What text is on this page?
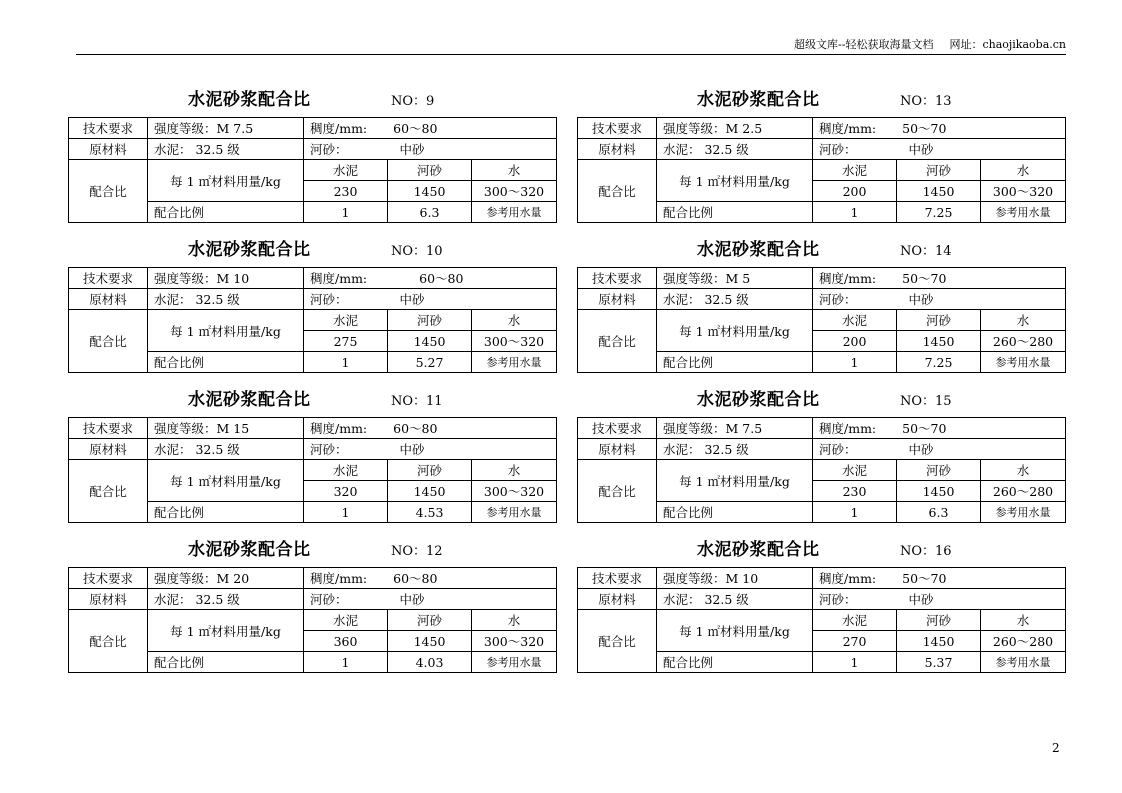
超级文库--轻松获取海量文档 网址：chaojikaoba.cn
水泥砂浆配合比	NO：9
技术要求	强度等级：M 7.5	稠度/mm: 60～80		
原材料	水泥： 32.5 级	河砂： 中砂		
配合比	每 1 ㎡材料用量/kg	水泥	河砂	水
		230	1450	300～320
	配合比例	1	6.3	参考用水量
水泥砂浆配合比	NO：10
技术要求	强度等级：M 10	稠度/mm: 60～80		
原材料	水泥： 32.5 级	河砂： 中砂		
配合比	每 1 ㎡材料用量/kg	水泥	河砂	水
		275	1450	300～320
	配合比例	1	5.27	参考用水量
水泥砂浆配合比	NO：11
技术要求	强度等级：M 15	稠度/mm: 60～80		
原材料	水泥： 32.5 级	河砂： 中砂		
配合比	每 1 ㎡材料用量/kg	水泥	河砂	水
		320	1450	300～320
	配合比例	1	4.53	参考用水量
水泥砂浆配合比	NO：12
技术要求	强度等级：M 20	稠度/mm: 60～80		
原材料	水泥： 32.5 级	河砂： 中砂		
配合比	每 1 ㎡材料用量/kg	水泥	河砂	水
		360	1450	300～320
	配合比例	1	4.03	参考用水量
水泥砂浆配合比	NO：13
技术要求	强度等级：M 2.5	稠度/mm: 50～70		
原材料	水泥： 32.5 级	河砂： 中砂		
配合比	每 1 ㎡材料用量/kg	水泥	河砂	水
		200	1450	300～320
	配合比例	1	7.25	参考用水量
水泥砂浆配合比	NO：14
技术要求	强度等级：M 5	稠度/mm: 50～70		
原材料	水泥： 32.5 级	河砂： 中砂		
配合比	每 1 ㎡材料用量/kg	水泥	河砂	水
		200	1450	260～280
	配合比例	1	7.25	参考用水量
水泥砂浆配合比	NO：15
技术要求	强度等级：M 7.5	稠度/mm: 50～70		
原材料	水泥： 32.5 级	河砂： 中砂		
配合比	每 1 ㎡材料用量/kg	水泥	河砂	水
		230	1450	260～280
	配合比例	1	6.3	参考用水量
水泥砂浆配合比	NO：16
技术要求	强度等级：M 10	稠度/mm: 50～70		
原材料	水泥： 32.5 级	河砂： 中砂		
配合比	每 1 ㎡材料用量/kg	水泥	河砂	水
		270	1450	260～280
	配合比例	1	5.37	参考用水量
2
